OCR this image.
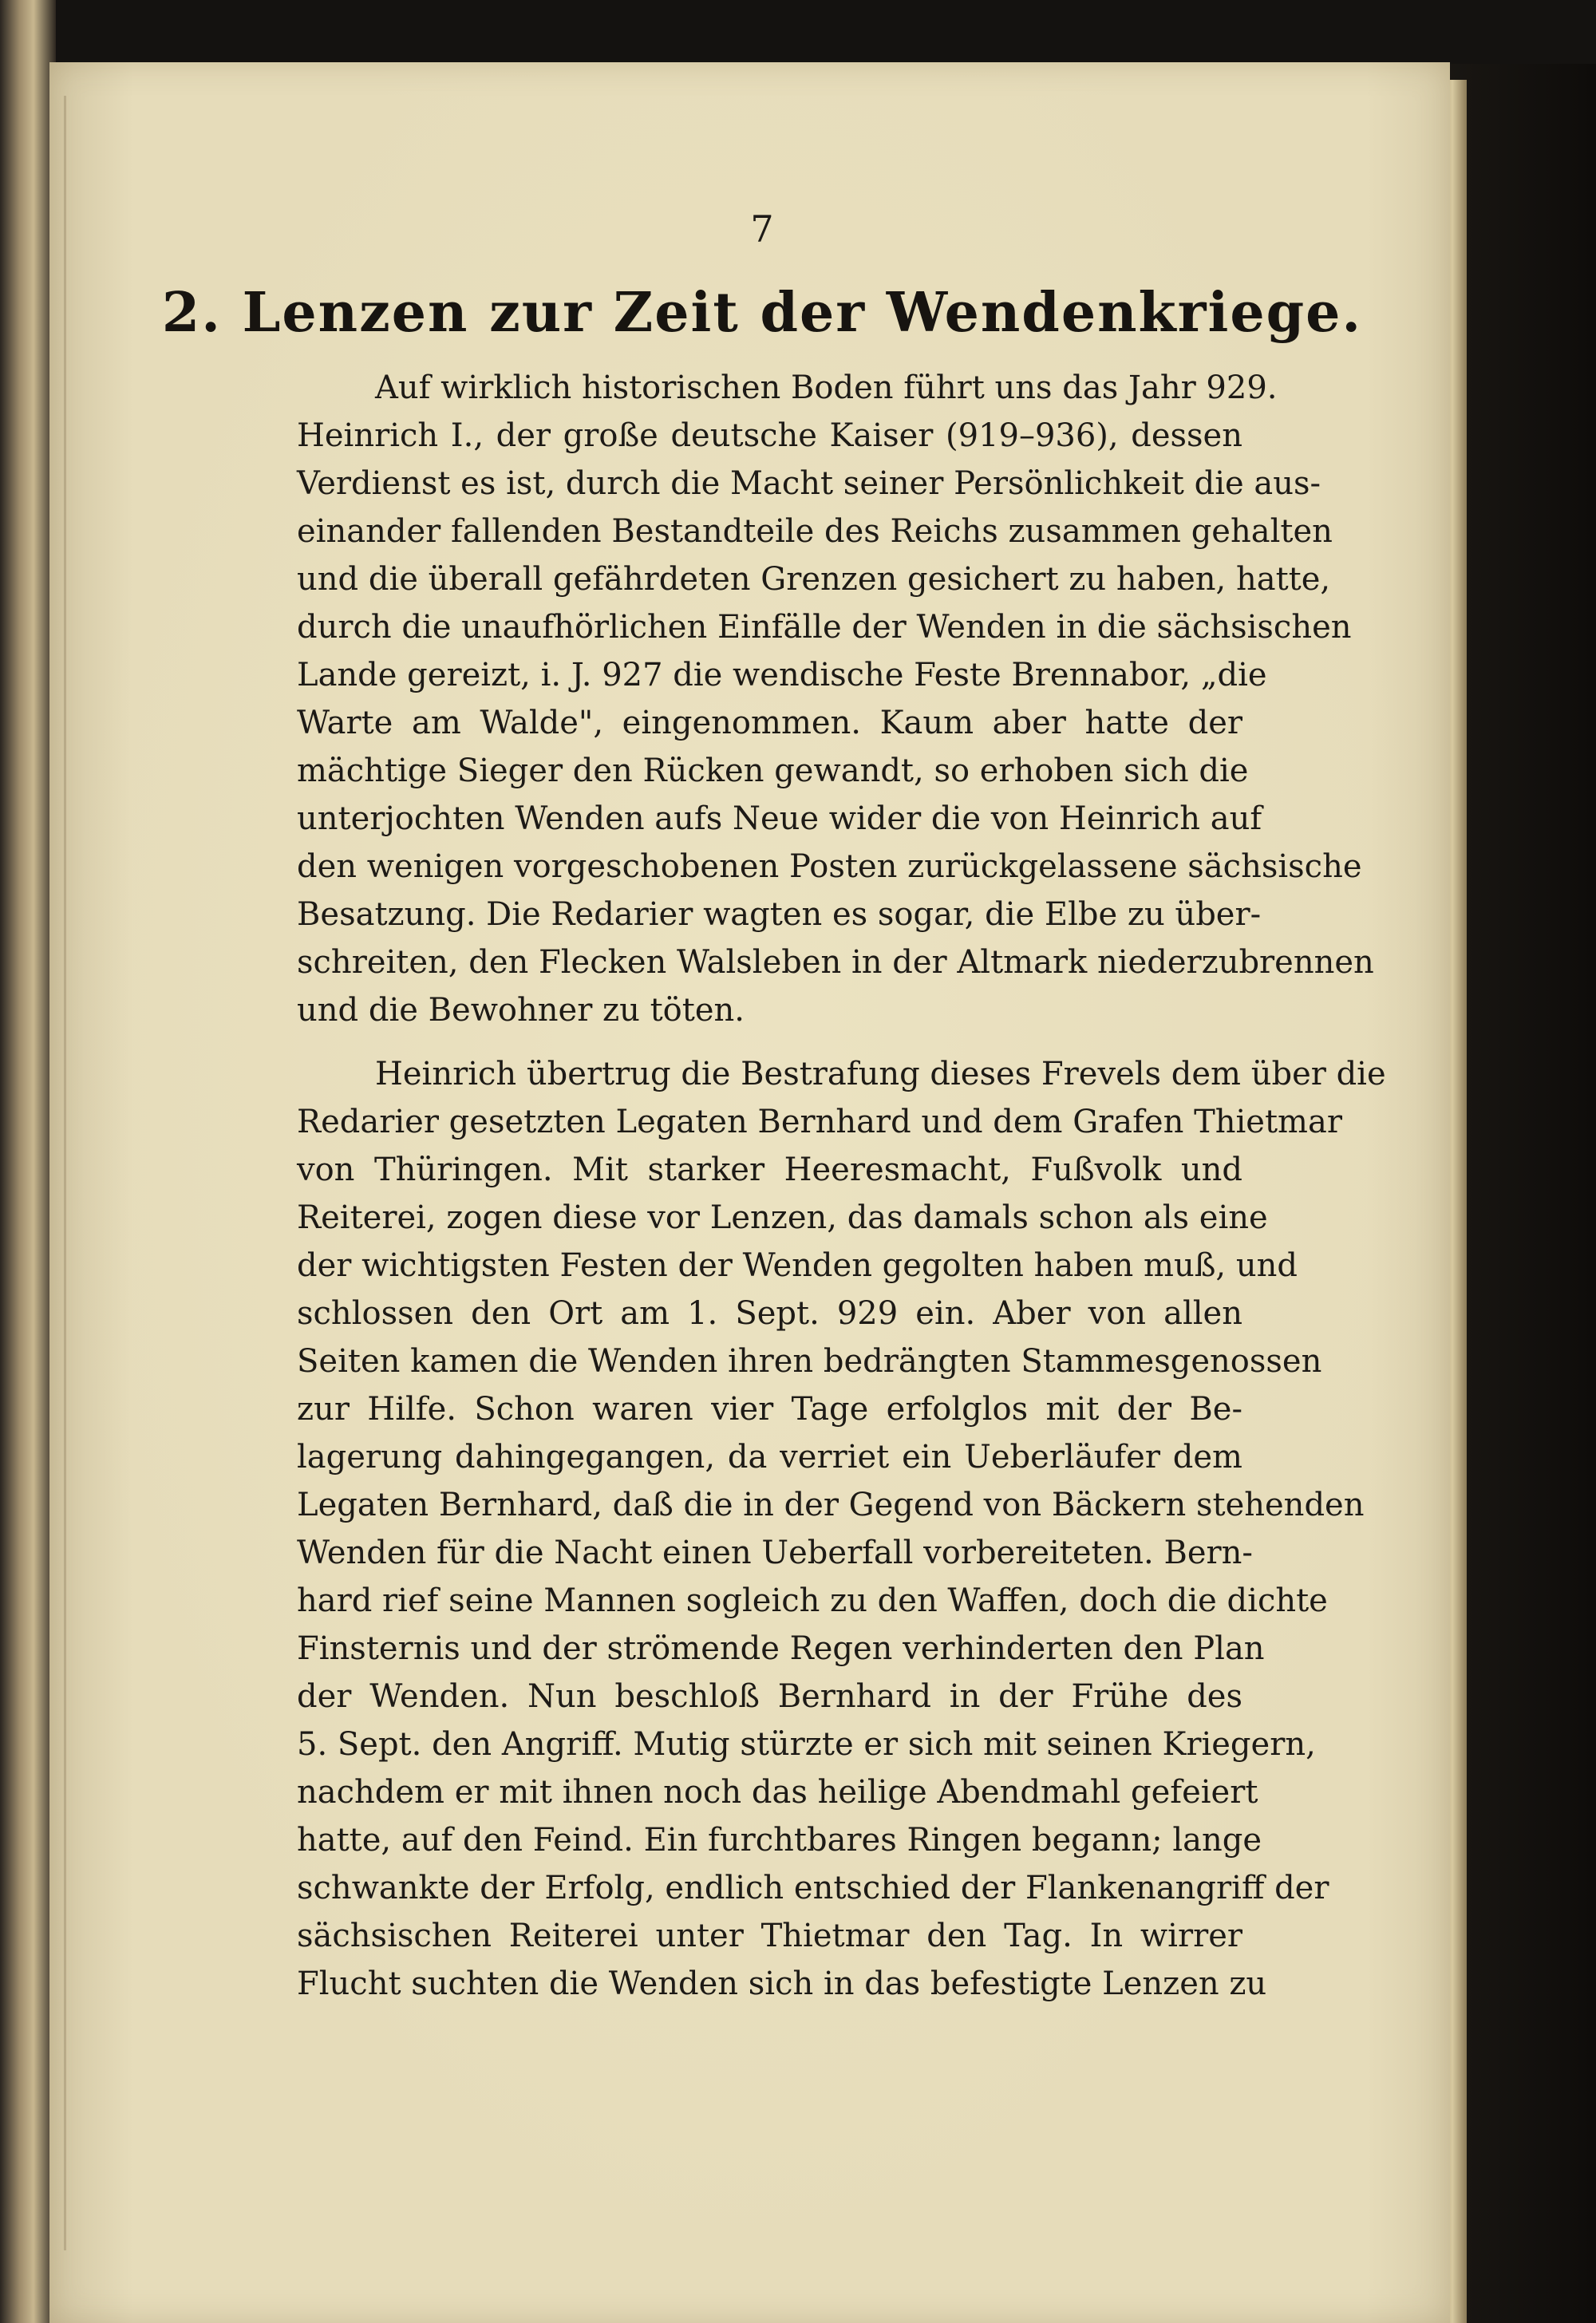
7
2. Lenzen zur Zeit der Wendenkriege.
Auf wirklich historischen Boden führt uns das Jahr 929.
Heinrich I., der große deutsche Kaiser (919–936), dessen
Verdienst es ist, durch die Macht seiner Persönlichkeit die aus-
einander fallenden Bestandteile des Reichs zusammen gehalten
und die überall gefährdeten Grenzen gesichert zu haben, hatte,
durch die unaufhörlichen Einfälle der Wenden in die sächsischen
Lande gereizt, i. J. 927 die wendische Feste Brennabor, „die
Warte am Walde", eingenommen. Kaum aber hatte der
mächtige Sieger den Rücken gewandt, so erhoben sich die
unterjochten Wenden aufs Neue wider die von Heinrich auf
den wenigen vorgeschobenen Posten zurückgelassene sächsische
Besatzung. Die Redarier wagten es sogar, die Elbe zu über-
schreiten, den Flecken Walsleben in der Altmark niederzubrennen
und die Bewohner zu töten.
Heinrich übertrug die Bestrafung dieses Frevels dem über die
Redarier gesetzten Legaten Bernhard und dem Grafen Thietmar
von Thüringen. Mit starker Heeresmacht, Fußvolk und
Reiterei, zogen diese vor Lenzen, das damals schon als eine
der wichtigsten Festen der Wenden gegolten haben muß, und
schlossen den Ort am 1. Sept. 929 ein. Aber von allen
Seiten kamen die Wenden ihren bedrängten Stammesgenossen
zur Hilfe. Schon waren vier Tage erfolglos mit der Be-
lagerung dahingegangen, da verriet ein Ueberläufer dem
Legaten Bernhard, daß die in der Gegend von Bäckern stehenden
Wenden für die Nacht einen Ueberfall vorbereiteten. Bern-
hard rief seine Mannen sogleich zu den Waffen, doch die dichte
Finsternis und der strömende Regen verhinderten den Plan
der Wenden. Nun beschloß Bernhard in der Frühe des
5. Sept. den Angriff. Mutig stürzte er sich mit seinen Kriegern,
nachdem er mit ihnen noch das heilige Abendmahl gefeiert
hatte, auf den Feind. Ein furchtbares Ringen begann; lange
schwankte der Erfolg, endlich entschied der Flankenangriff der
sächsischen Reiterei unter Thietmar den Tag. In wirrer
Flucht suchten die Wenden sich in das befestigte Lenzen zu
